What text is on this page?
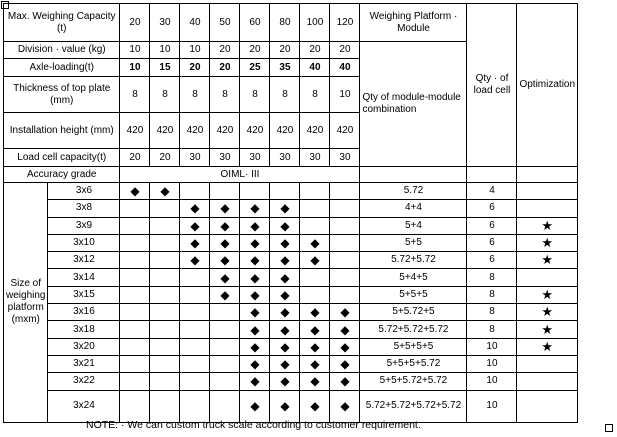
Max. Weighing Capacity (t)		20	30	40	50	60	80	100	120	Weighing Platform · Module	Qty · of load cell	Optimization
Division · value (kg)		10	10	10	20	20	20	20	20	Qty of module-module combination		
Axle-loading(t)		10	15	20	20	25	35	40	40			
Thickness of top plate (mm)		8	8	8	8	8	8	8	10			
Installation height (mm)		420	420	420	420	420	420	420	420			
Load cell capacity(t)		20	20	30	30	30	30	30	30			
Accuracy grade		OIML· III										
Size of weighing platform (mxm)	3x6	◆	◆							5.72	4	
	3x8			◆	◆	◆	◆			4+4	6	
	3x9			◆	◆	◆	◆			5+4	6	★
	3x10			◆	◆	◆	◆	◆		5+5	6	★
	3x12			◆	◆	◆	◆	◆		5.72+5.72	6	★
	3x14				◆	◆	◆			5+4+5	8	
	3x15				◆	◆	◆			5+5+5	8	★
	3x16					◆	◆	◆	◆	5+5.72+5	8	★
	3x18					◆	◆	◆	◆	5.72+5.72+5.72	8	★
	3x20					◆	◆	◆	◆	5+5+5+5	10	★
	3x21					◆	◆	◆	◆	5+5+5+5.72	10	
	3x22					◆	◆	◆	◆	5+5+5.72+5.72	10	
	3x24					◆	◆	◆	◆	5.72+5.72+5.72+5.72	10	
NOTE: · We can custom truck scale according to customer requirement.
